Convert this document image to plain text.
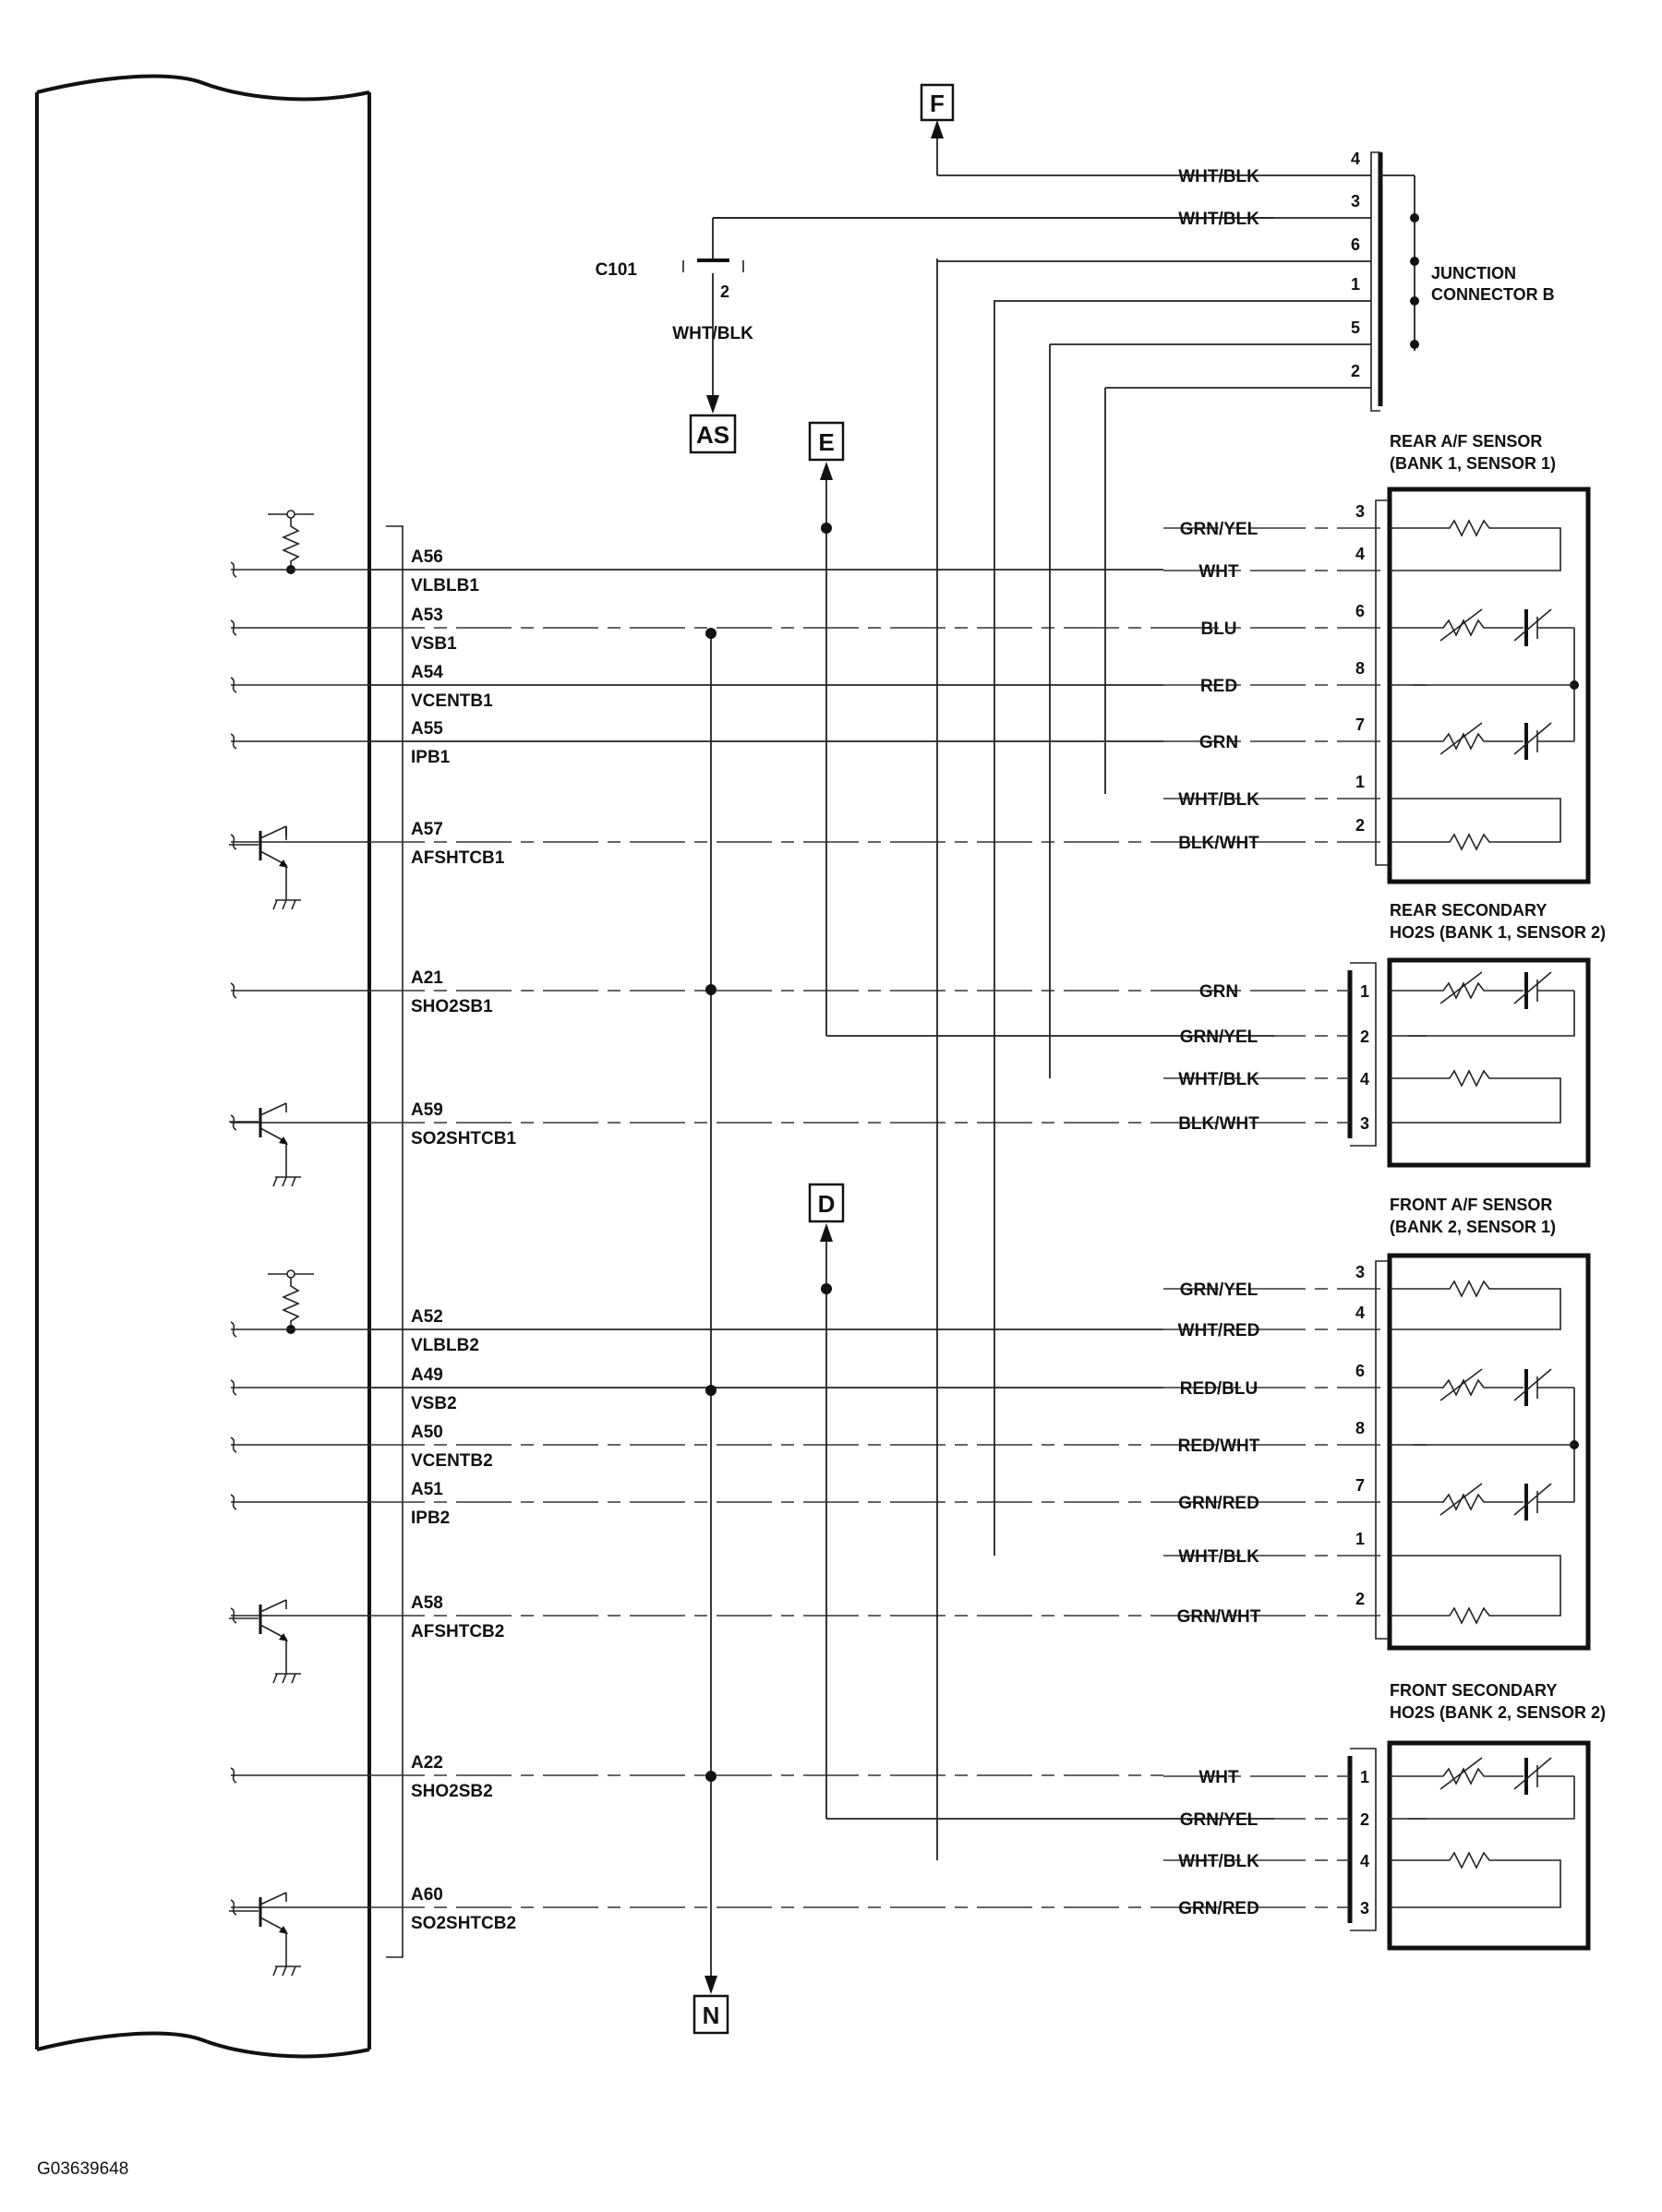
A56
VLBLB1
A53
VSB1
A54
VCENTB1
A55
IPB1
A57
AFSHTCB1
A21
SHO2SB1
A59
SO2SHTCB1
A52
VLBLB2
A49
VSB2
A50
VCENTB2
A51
IPB2
A58
AFSHTCB2
A22
SHO2SB2
A60
SO2SHTCB2
F
AS	E
D
N
C101
2
WHT/BLK
JUNCTION
CONNECTOR B
4
WHT/BLK
3
WHT/BLK
6
1
5
2
REAR A/F SENSOR
(BANK 1, SENSOR 1)
GRN/YEL
3
WHT
4
BLU
6
RED
8
GRN
7
WHT/BLK
1
BLK/WHT
2
REAR SECONDARY
HO2S (BANK 1, SENSOR 2)
GRN	1
GRN/YEL	2
WHT/BLK	4
BLK/WHT	3
FRONT A/F SENSOR
(BANK 2, SENSOR 1)
GRN/YEL
3
WHT/RED
4
RED/BLU
6
RED/WHT
8
GRN/RED
7
WHT/BLK
1
GRN/WHT
2
FRONT SECONDARY
HO2S (BANK 2, SENSOR 2)
WHT	1
GRN/YEL	2
WHT/BLK	4
GRN/RED	3
G03639648
